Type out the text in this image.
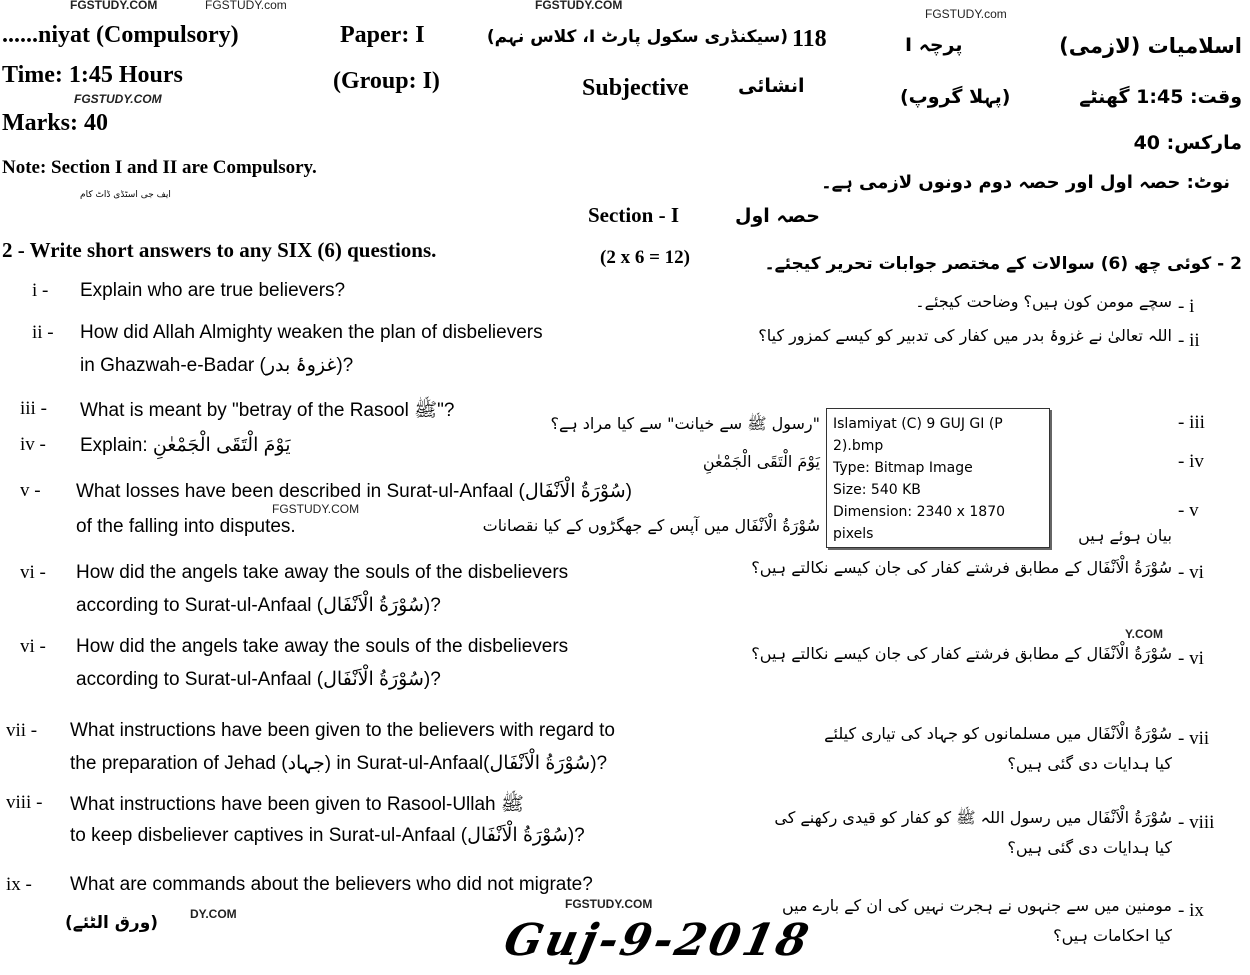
FGSTUDY.COM	FGSTUDY.com	FGSTUDY.COM
FGSTUDY.com
FGSTUDY.COM
FGSTUDY.COM
DY.COM
FGSTUDY.COM
Y.COM
......niyat (Compulsory)	Paper: I	(سیکنڈری سکول پارٹ I، کلاس نہم) 118	پرچہ I	اسلامیات (لازمی)
Time: 1:45 Hours	(Group: I)	Subjective	انشائی	(پہلا گروپ)	وقت: 1:45 گھنٹے
Marks: 40
مارکس: 40
Note: Section I and II are Compulsory.
نوٹ: حصہ اول اور حصہ دوم دونوں لازمی ہے۔
ایف جی اسٹڈی ڈاٹ کام
Section - I	حصہ اول
2 - Write short answers to any SIX (6) questions.	(2 x 6 = 12)	2 - کوئی چھ (6) سوالات کے مختصر جوابات تحریر کیجئے۔
i - Explain who are true believers?
- i
سچے مومن کون ہیں؟ وضاحت کیجئے۔
ii - How did Allah Almighty weaken the plan of disbelievers
in Ghazwah-e-Badar (غزوۂ بدر)?
- ii
اللہ تعالیٰ نے غزوۂ بدر میں کفار کی تدبیر کو کیسے کمزور کیا؟
iii - What is meant by "betray of the Rasool ﷺ"?
- iii
"رسول ﷺ سے خیانت" سے کیا مراد ہے؟
iv - Explain: يَوْمَ الْتَقَى الْجَمْعٰنِ
- iv
يَوْمَ الْتَقَى الْجَمْعٰنِ
v - What losses have been described in Surat-ul-Anfaal (سُوْرَةُ الْاَنْفَال)
of the falling into disputes.
- v
سُوْرَةُ الْاَنْفَال میں آپس کے جھگڑوں کے کیا نقصانات
بیان ہوئے ہیں
vi - How did the angels take away the souls of the disbelievers
according to Surat-ul-Anfaal (سُوْرَةُ الْاَنْفَال)?
- vi
سُوْرَةُ الْاَنْفَال کے مطابق فرشتے کفار کی جان کیسے نکالتے ہیں؟
vi - How did the angels take away the souls of the disbelievers
according to Surat-ul-Anfaal (سُوْرَةُ الْاَنْفَال)?
- vi
سُوْرَةُ الْاَنْفَال کے مطابق فرشتے کفار کی جان کیسے نکالتے ہیں؟
vii - What instructions have been given to the believers with regard to
the preparation of Jehad (جہاد) in Surat-ul-Anfaal(سُوْرَةُ الْاَنْفَال)?
- vii
سُوْرَةُ الْاَنْفَال میں مسلمانوں کو جہاد کی تیاری کیلئے
کیا ہدایات دی گئی ہیں؟
viii - What instructions have been given to Rasool-Ullah ﷺ
to keep disbeliever captives in Surat-ul-Anfaal (سُوْرَةُ الْاَنْفَال)?
- viii
سُوْرَةُ الْاَنْفَال میں رسول اللہ ﷺ کو کفار کو قیدی رکھنے کی
کیا ہدایات دی گئی ہیں؟
ix - What are commands about the believers who did not migrate?
- ix
مومنین میں سے جنہوں نے ہجرت نہیں کی ان کے بارے میں
کیا احکامات ہیں؟
Islamiyat (C) 9 GUJ GI (P
2).bmp
Type: Bitmap Image
Size: 540 KB
Dimension: 2340 x 1870
pixels
(ورق الٹئے)	Guj-9-2018
